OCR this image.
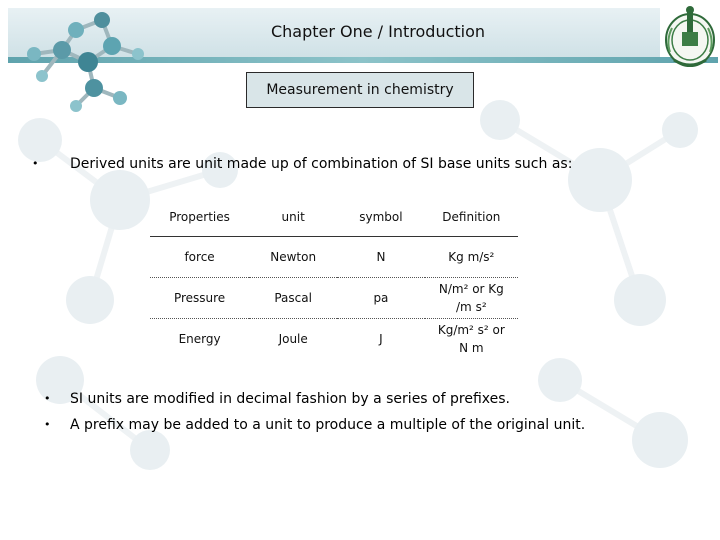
Chapter One / Introduction
Measurement in chemistry
• Derived units are unit made up of combination of SI base units such as:
Properties	unit	symbol	Definition
force	Newton	N	Kg m/s²
Pressure	Pascal	pa	N/m² or Kg /m s²
Energy	Joule	J	Kg/m² s² or N m
• SI units are modified in decimal fashion by a series of prefixes.
• A prefix may be added to a unit to produce a multiple of the original unit.
